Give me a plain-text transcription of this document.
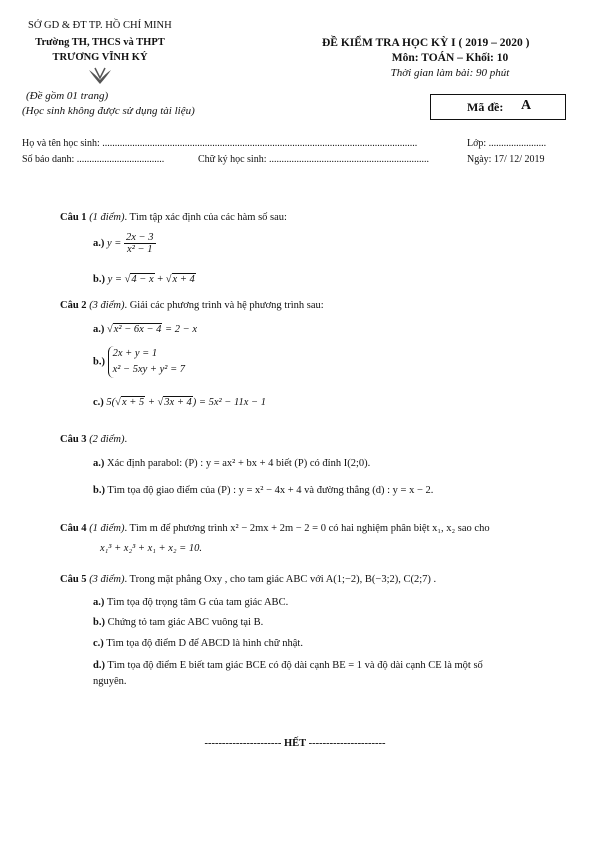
SỞ GD & ĐT TP. HỒ CHÍ MINH
Trường TH, THCS và THPT
TRƯƠNG VĨNH KÝ
(Đề gồm 01 trang)
(Học sinh không được sử dụng tài liệu)
ĐỀ KIỂM TRA HỌC KỲ I ( 2019 – 2020 )
Môn: TOÁN – Khối: 10
Thời gian làm bài: 90 phút
Mã đề: A
Họ và tên học sinh: ..............................................................................................................................	Lớp: .......................
Số báo danh: ...................................	Chữ ký học sinh: ................................................................	Ngày: 17/ 12/ 2019
Câu 1 (1 điểm). Tìm tập xác định của các hàm số sau:
a.) $y = \frac{2x - 3}{\text{x² − 1}}$
b.) y = √4 − x + √x + 4
Câu 2 (3 điểm). Giải các phương trình và hệ phương trình sau:
a.) √x² − 6x − 4 = 2 − x
b.)
2x + y = 1
x² − 5xy + y² = 7
c.) 5(√x + 5 + √3x + 4) = 5x² − 11x − 1
Câu 3 (2 điểm).
a.) Xác định parabol: (P) : y = ax² + bx + 4 biết (P) có đỉnh I(2;0).
b.) Tìm tọa độ giao điểm của (P) : y = x² − 4x + 4 và đường thẳng (d) : y = x − 2.
Câu 4 (1 điểm). Tìm m để phương trình x² − 2mx + 2m − 2 = 0 có hai nghiệm phân biệt x₁, x₂ sao cho
x₁³ + x₂³ + x₁ + x₂ = 10.
Câu 5 (3 điểm). Trong mặt phẳng Oxy , cho tam giác ABC với A(1;−2), B(−3;2), C(2;7) .
a.) Tìm tọa độ trọng tâm G của tam giác ABC.
b.) Chứng tỏ tam giác ABC vuông tại B.
c.) Tìm tọa độ điểm D để ABCD là hình chữ nhật.
d.) Tìm tọa độ điểm E biết tam giác BCE có độ dài cạnh BE = 1 và độ dài cạnh CE là một số
nguyên.
---------------------- HẾT ----------------------
